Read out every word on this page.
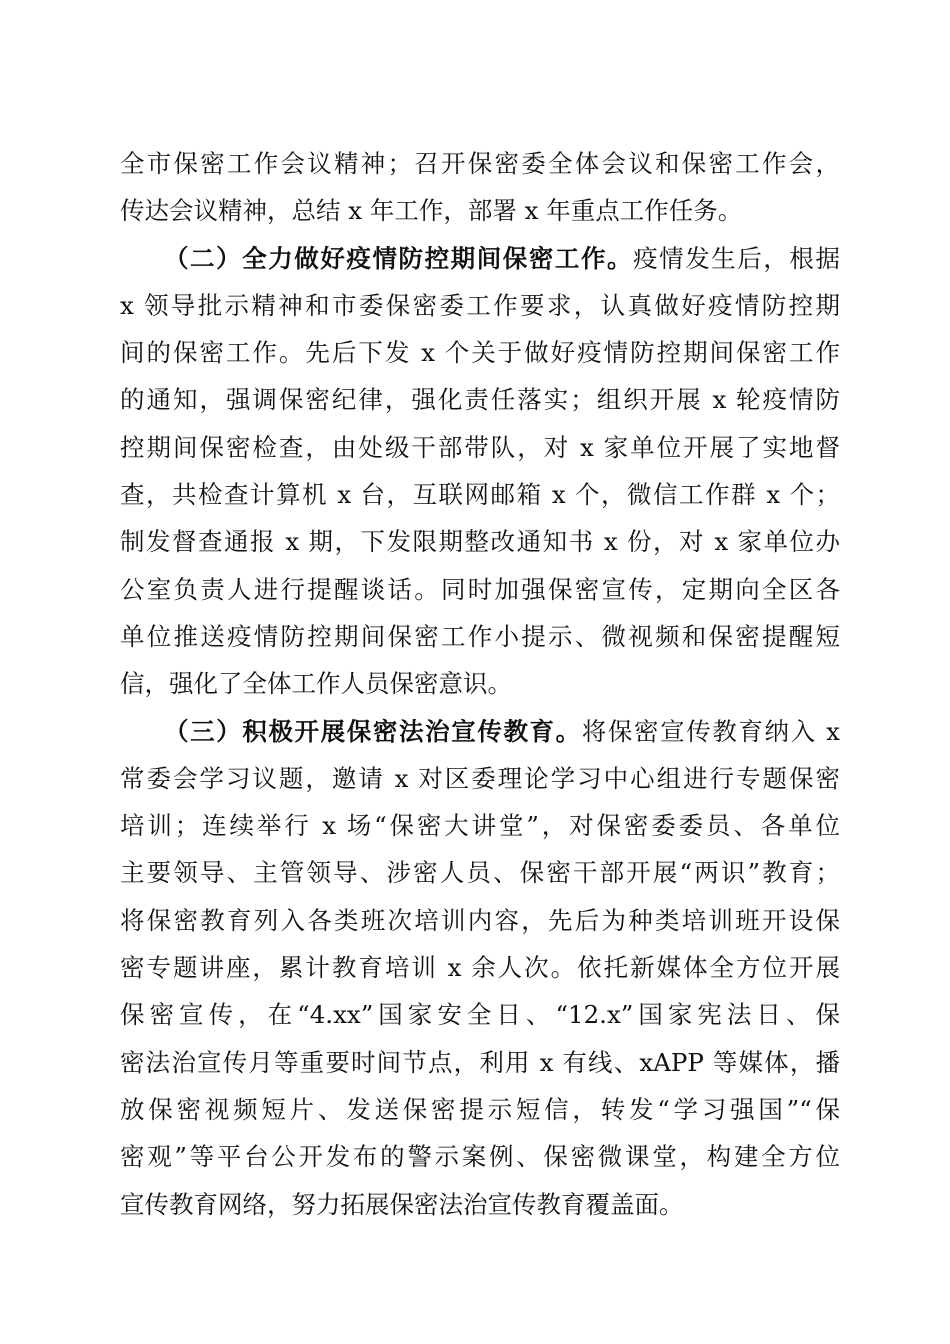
全市保密工作会议精神；召开保密委全体会议和保密工作会，
传达会议精神，总结 x 年工作，部署 x 年重点工作任务。
（二）全力做好疫情防控期间保密工作。疫情发生后，根据
x 领导批示精神和市委保密委工作要求，认真做好疫情防控期
间的保密工作。先后下发 x 个关于做好疫情防控期间保密工作
的通知，强调保密纪律，强化责任落实；组织开展 x 轮疫情防
控期间保密检查，由处级干部带队，对 x 家单位开展了实地督
查，共检查计算机 x 台，互联网邮箱 x 个，微信工作群 x 个；
制发督查通报 x 期，下发限期整改通知书 x 份，对 x 家单位办
公室负责人进行提醒谈话。同时加强保密宣传，定期向全区各
单位推送疫情防控期间保密工作小提示、微视频和保密提醒短
信，强化了全体工作人员保密意识。
（三）积极开展保密法治宣传教育。将保密宣传教育纳入 x
常委会学习议题，邀请 x 对区委理论学习中心组进行专题保密
培训；连续举行 x 场“保密大讲堂”，对保密委委员、各单位
主要领导、主管领导、涉密人员、保密干部开展“两识”教育；
将保密教育列入各类班次培训内容，先后为种类培训班开设保
密专题讲座，累计教育培训 x 余人次。依托新媒体全方位开展
保密宣传，在“4.xx”国家安全日、“12.x”国家宪法日、保
密法治宣传月等重要时间节点，利用 x 有线、xAPP 等媒体，播
放保密视频短片、发送保密提示短信，转发“学习强国”“保
密观”等平台公开发布的警示案例、保密微课堂，构建全方位
宣传教育网络，努力拓展保密法治宣传教育覆盖面。
